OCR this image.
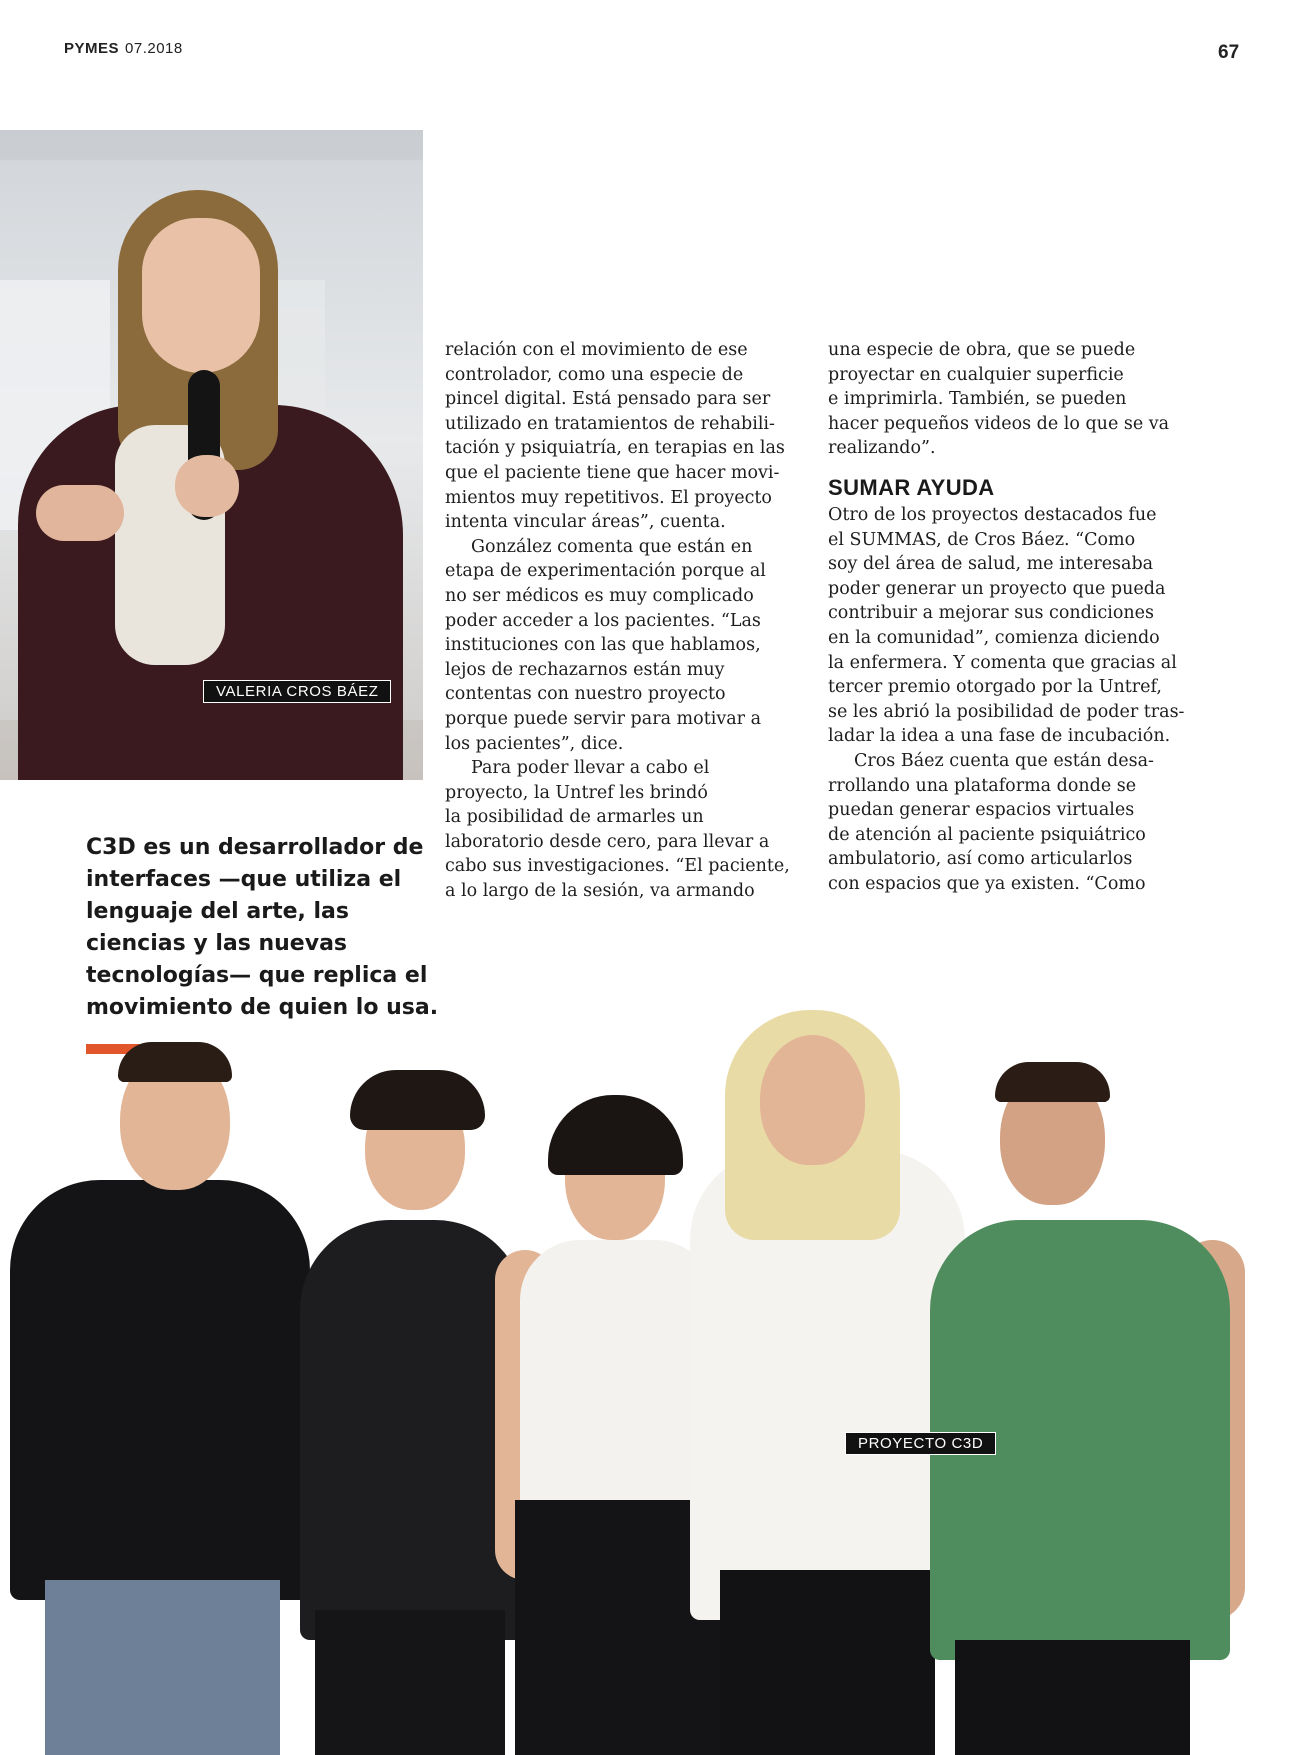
PYMES 07.2018	67
VALERIA CROS BÁEZ
C3D es un desarrollador de interfaces —que utiliza el lenguaje del arte, las ciencias y las nuevas tecnologías— que replica el movimiento de quien lo usa.

relación con el movimiento de ese
controlador, como una especie de
pincel digital. Está pensado para ser
utilizado en tratamientos de rehabili-
tación y psiquiatría, en terapias en las
que el paciente tiene que hacer movi-
mientos muy repetitivos. El proyecto
intenta vincular áreas”, cuenta.

González comenta que están en
etapa de experimentación porque al
no ser médicos es muy complicado
poder acceder a los pacientes. “Las
instituciones con las que hablamos,
lejos de rechazarnos están muy
contentas con nuestro proyecto
porque puede servir para motivar a
los pacientes”, dice.

Para poder llevar a cabo el
proyecto, la Untref les brindó
la posibilidad de armarles un
laboratorio desde cero, para llevar a
cabo sus investigaciones. “El paciente,
a lo largo de la sesión, va armando

una especie de obra, que se puede
proyectar en cualquier superficie
e imprimirla. También, se pueden
hacer pequeños videos de lo que se va
realizando”.

SUMAR AYUDA

Otro de los proyectos destacados fue
el SUMMAS, de Cros Báez. “Como
soy del área de salud, me interesaba
poder generar un proyecto que pueda
contribuir a mejorar sus condiciones
en la comunidad”, comienza diciendo
la enfermera. Y comenta que gracias al
tercer premio otorgado por la Untref,
se les abrió la posibilidad de poder tras-
ladar la idea a una fase de incubación.

Cros Báez cuenta que están desa-
rrollando una plataforma donde se
puedan generar espacios virtuales
de atención al paciente psiquiátrico
ambulatorio, así como articularlos
con espacios que ya existen. “Como

PROYECTO C3D
